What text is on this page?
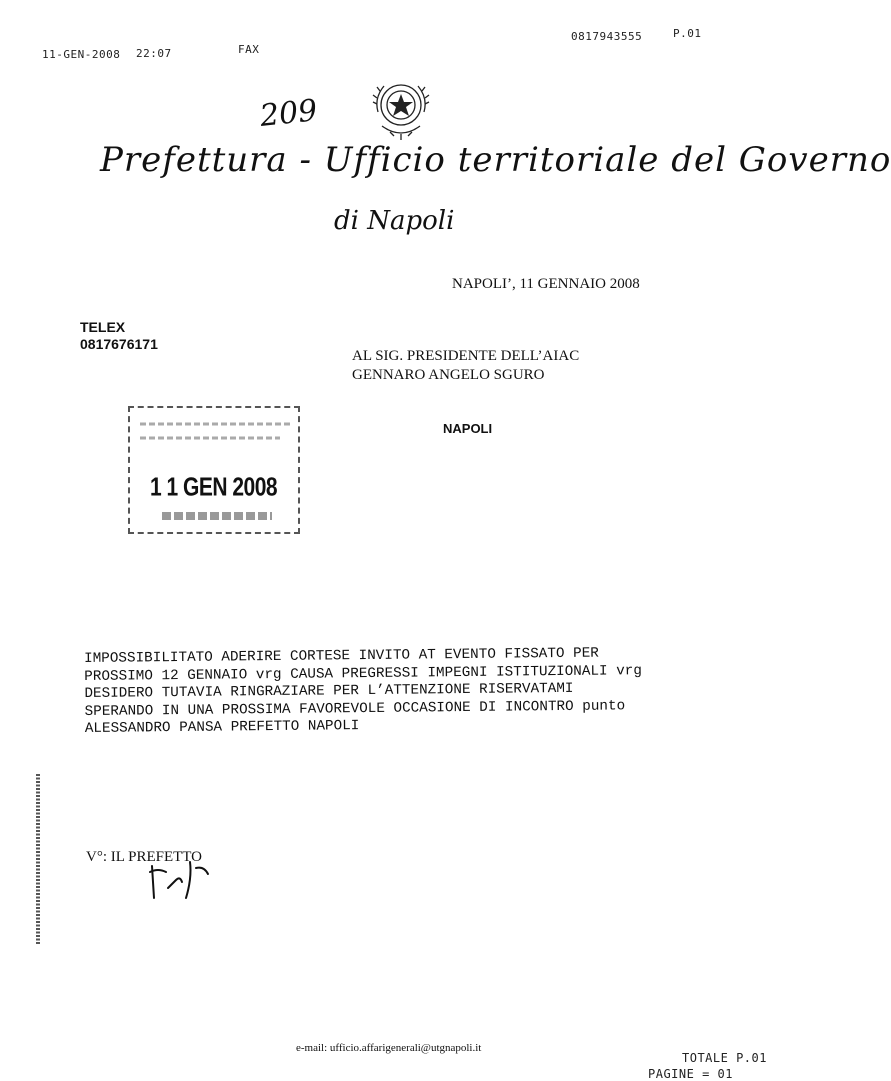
11-GEN-2008 22:07	FAX
0817943555	P.01
209
Prefettura - Ufficio territoriale del Governo
di Napoli
NAPOLI’, 11 GENNAIO 2008
TELEX
0817676171
AL SIG. PRESIDENTE DELL’AIAC
GENNARO ANGELO SGURO
NAPOLI
1 1 GEN 2008
IMPOSSIBILITATO ADERIRE CORTESE INVITO AT EVENTO FISSATO PER
PROSSIMO 12 GENNAIO vrg CAUSA PREGRESSI IMPEGNI ISTITUZIONALI vrg
DESIDERO TUTAVIA RINGRAZIARE PER L’ATTENZIONE RISERVATAMI
SPERANDO IN UNA PROSSIMA FAVOREVOLE OCCASIONE DI INCONTRO punto
ALESSANDRO PANSA PREFETTO NAPOLI
V°: IL PREFETTO
e-mail: ufficio.affarigenerali@utgnapoli.it
TOTALE P.01
PAGINE = 01
